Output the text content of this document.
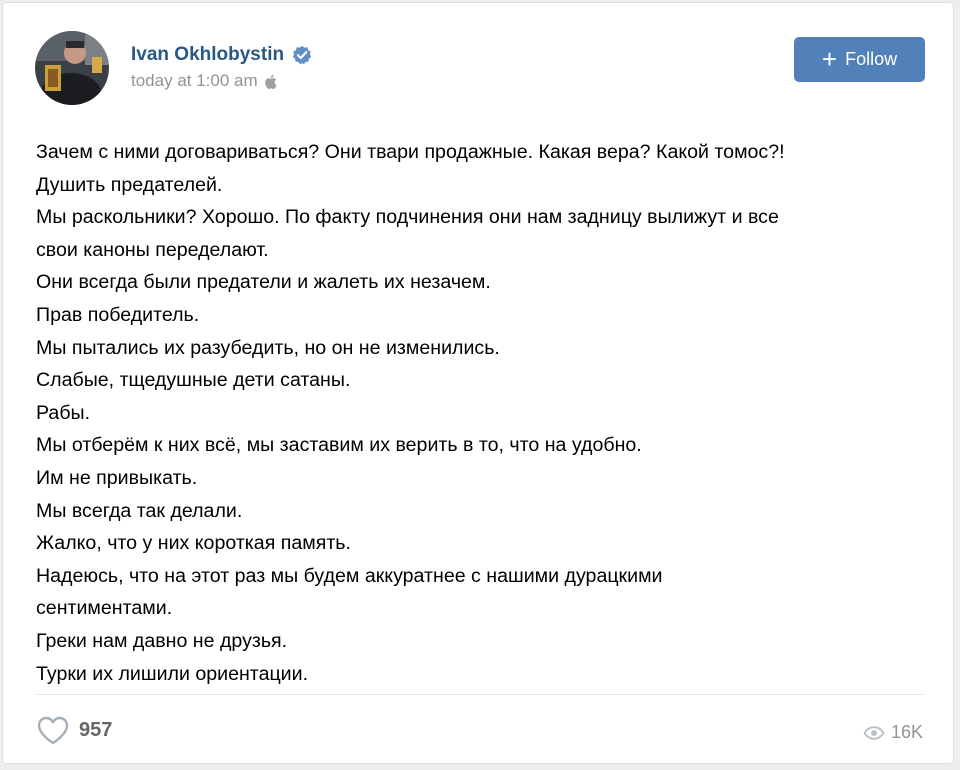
Ivan Okhlobystin
today at 1:00 am
+ Follow
Зачем с ними договариваться? Они твари продажные. Какая вера? Какой томос?!
Душить предателей.
Мы раскольники? Хорошо. По факту подчинения они нам задницу вылижут и все
свои каноны переделают.
Они всегда были предатели и жалеть их незачем.
Прав победитель.
Мы пытались их разубедить, но он не изменились.
Слабые, тщедушные дети сатаны.
Рабы.
Мы отберём к них всё, мы заставим их верить в то, что на удобно.
Им не привыкать.
Мы всегда так делали.
Жалко, что у них короткая память.
Надеюсь, что на этот раз мы будем аккуратнее с нашими дурацкими
сентиментами.
Греки нам давно не друзья.
Турки их лишили ориентации.
957	16K
